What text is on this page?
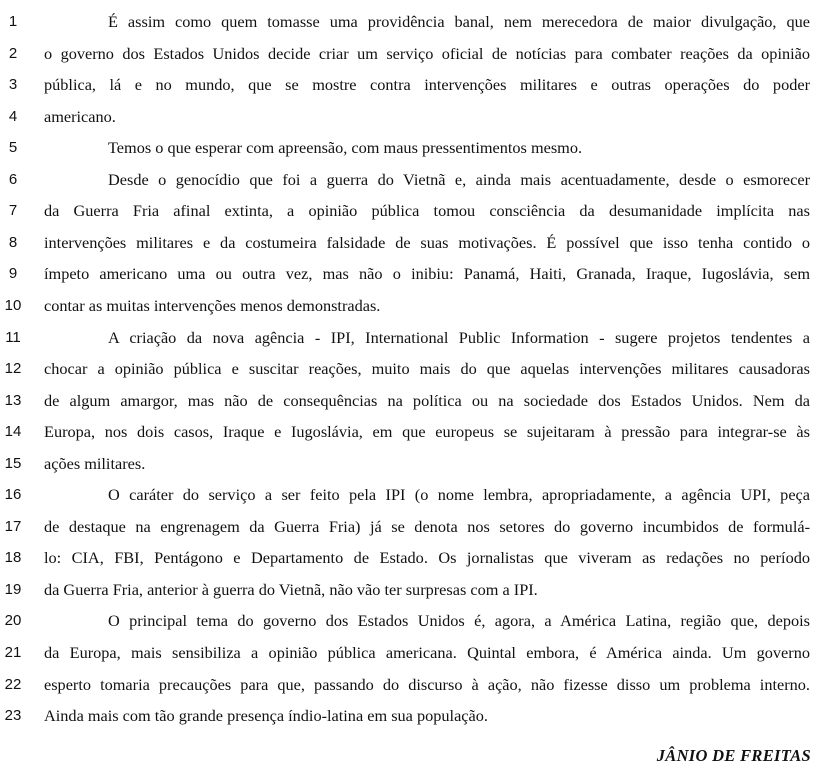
1	É assim como quem tomasse uma providência banal, nem merecedora de maior divulgação, que
2	o governo dos Estados Unidos decide criar um serviço oficial de notícias para combater reações da opinião
3	pública, lá e no mundo, que se mostre contra intervenções militares e outras operações do poder
4	americano.
5	Temos o que esperar com apreensão, com maus pressentimentos mesmo.
6	Desde o genocídio que foi a guerra do Vietnã e, ainda mais acentuadamente, desde o esmorecer
7	da Guerra Fria afinal extinta, a opinião pública tomou consciência da desumanidade implícita nas
8	intervenções militares e da costumeira falsidade de suas motivações. É possível que isso tenha contido o
9	ímpeto americano uma ou outra vez, mas não o inibiu: Panamá, Haiti, Granada, Iraque, Iugoslávia, sem
10 contar as muitas intervenções menos demonstradas.
11	A criação da nova agência - IPI, International Public Information - sugere projetos tendentes a
12 chocar a opinião pública e suscitar reações, muito mais do que aquelas intervenções militares causadoras
13 de algum amargor, mas não de consequências na política ou na sociedade dos Estados Unidos. Nem da
14 Europa, nos dois casos, Iraque e Iugoslávia, em que europeus se sujeitaram à pressão para integrar-se às
15 ações militares.
16	O caráter do serviço a ser feito pela IPI (o nome lembra, apropriadamente, a agência UPI, peça
17 de destaque na engrenagem da Guerra Fria) já se denota nos setores do governo incumbidos de formulá-
18 lo: CIA, FBI, Pentágono e Departamento de Estado. Os jornalistas que viveram as redações no período
19 da Guerra Fria, anterior à guerra do Vietnã, não vão ter surpresas com a IPI.
20	O principal tema do governo dos Estados Unidos é, agora, a América Latina, região que, depois
21 da Europa, mais sensibiliza a opinião pública americana. Quintal embora, é América ainda. Um governo
22 esperto tomaria precauções para que, passando do discurso à ação, não fizesse disso um problema interno.
23 Ainda mais com tão grande presença índio-latina em sua população.
JÂNIO DE FREITAS
